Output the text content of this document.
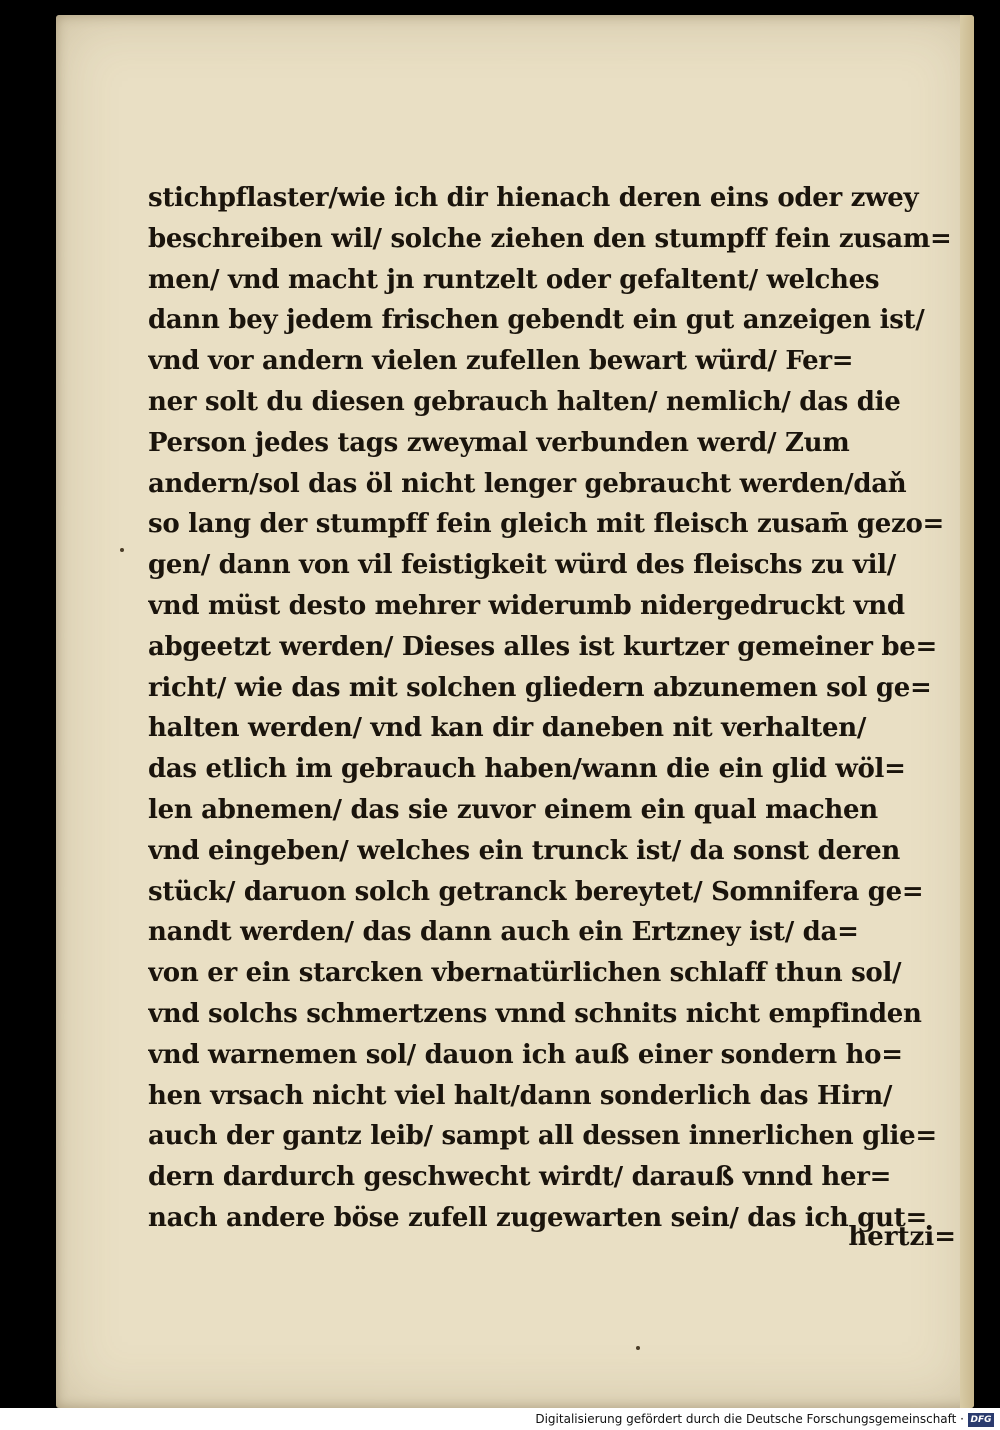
stichpflaster/wie ich dir hienach deren eins oder zwey
beschreiben wil/ solche ziehen den stumpff fein zusam=
men/ vnd macht jn runtzelt oder gefaltent/ welches
dann bey jedem frischen gebendt ein gut anzeigen ist/
vnd vor andern vielen zufellen bewart würd/ Fer=
ner solt du diesen gebrauch halten/ nemlich/ das die
Person jedes tags zweymal verbunden werd/ Zum
andern/sol das öl nicht lenger gebraucht werden/daň
so lang der stumpff fein gleich mit fleisch zusam̄ gezo=
gen/ dann von vil feistigkeit würd des fleischs zu vil/
vnd müst desto mehrer widerumb nidergedruckt vnd
abgeetzt werden/ Dieses alles ist kurtzer gemeiner be=
richt/ wie das mit solchen gliedern abzunemen sol ge=
halten werden/ vnd kan dir daneben nit verhalten/
das etlich im gebrauch haben/wann die ein glid wöl=
len abnemen/ das sie zuvor einem ein qual machen
vnd eingeben/ welches ein trunck ist/ da sonst deren
stück/ daruon solch getranck bereytet/ Somnifera ge=
nandt werden/ das dann auch ein Ertzney ist/ da=
von er ein starcken vbernatürlichen schlaff thun sol/
vnd solchs schmertzens vnnd schnits nicht empfinden
vnd warnemen sol/ dauon ich auß einer sondern ho=
hen vrsach nicht viel halt/dann sonderlich das Hirn/
auch der gantz leib/ sampt all dessen innerlichen glie=
dern dardurch geschwecht wirdt/ darauß vnnd her=
nach andere böse zufell zugewarten sein/ das ich gut=
hertzi=
Digitalisierung gefördert durch die Deutsche Forschungsgemeinschaft · DFG
